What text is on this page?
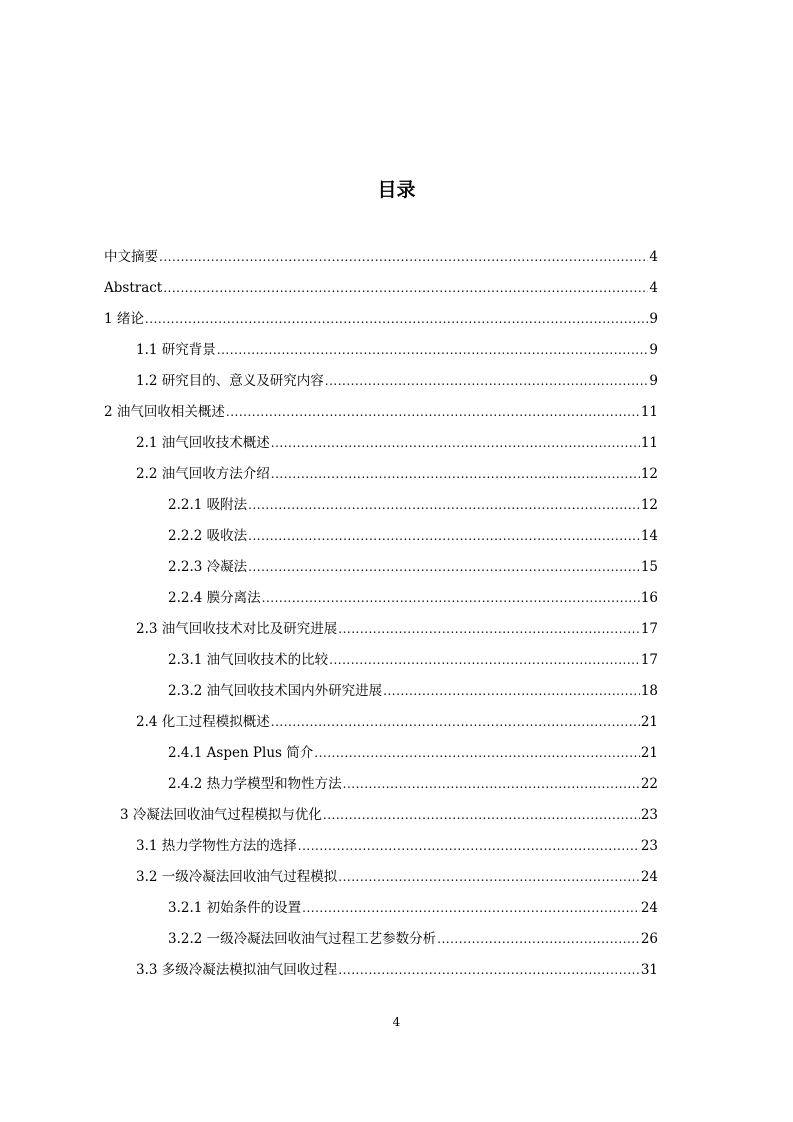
目录
中文摘要 .....	4
Abstract .....	4
1 绪论 .....	9
1.1 研究背景 .....	9
1.2 研究目的、意义及研究内容 .....	9
2 油气回收相关概述 .....	11
2.1 油气回收技术概述 .....	11
2.2 油气回收方法介绍 .....	12
2.2.1 吸附法 .....	12
2.2.2 吸收法 .....	14
2.2.3 冷凝法 .....	15
2.2.4 膜分离法 .....	16
2.3 油气回收技术对比及研究进展 .....	17
2.3.1 油气回收技术的比较 .....	17
2.3.2 油气回收技术国内外研究进展 .....	18
2.4 化工过程模拟概述 .....	21
2.4.1 Aspen Plus 简介 .....	21
2.4.2 热力学模型和物性方法 .....	22
3 冷凝法回收油气过程模拟与优化 .....	23
3.1 热力学物性方法的选择 .....	23
3.2 一级冷凝法回收油气过程模拟 .....	24
3.2.1 初始条件的设置 .....	24
3.2.2 一级冷凝法回收油气过程工艺参数分析 .....	26
3.3 多级冷凝法模拟油气回收过程 .....	31
4
